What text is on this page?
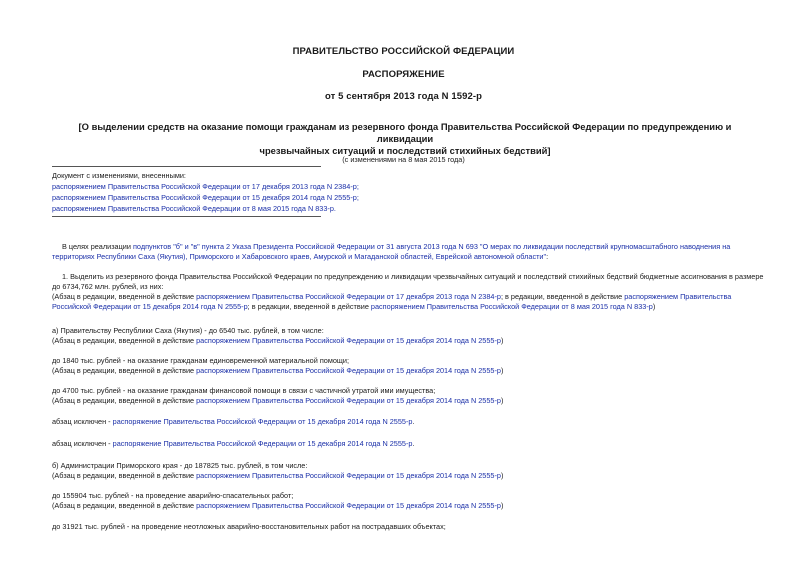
ПРАВИТЕЛЬСТВО РОССИЙСКОЙ ФЕДЕРАЦИИ
РАСПОРЯЖЕНИЕ
от 5 сентября 2013 года N 1592-р
[О выделении средств на оказание помощи гражданам из резервного фонда Правительства Российской Федерации по предупреждению и ликвидации
чрезвычайных ситуаций и последствий стихийных бедствий]
(с изменениями на 8 мая 2015 года)
Документ с изменениями, внесенными:
распоряжением Правительства Российской Федерации от 17 декабря 2013 года N 2384-р;
распоряжением Правительства Российской Федерации от 15 декабря 2014 года N 2555-р;
распоряжением Правительства Российской Федерации от 8 мая 2015 года N 833-р.
В целях реализации подпунктов "б" и "в" пункта 2 Указа Президента Российской Федерации от 31 августа 2013 года N 693 "О мерах по ликвидации последствий крупномасштабного наводнения на территориях Республики Саха (Якутия), Приморского и Хабаровского краев, Амурской и Магаданской областей, Еврейской автономной области":
1. Выделить из резервного фонда Правительства Российской Федерации по предупреждению и ликвидации чрезвычайных ситуаций и последствий стихийных бедствий бюджетные ассигнования в размере до 6734,762 млн. рублей, из них:
(Абзац в редакции, введенной в действие распоряжением Правительства Российской Федерации от 17 декабря 2013 года N 2384-р; в редакции, введенной в действие распоряжением Правительства Российской Федерации от 15 декабря 2014 года N 2555-р; в редакции, введенной в действие распоряжением Правительства Российской Федерации от 8 мая 2015 года N 833-р)
а) Правительству Республики Саха (Якутия) - до 6540 тыс. рублей, в том числе:
(Абзац в редакции, введенной в действие распоряжением Правительства Российской Федерации от 15 декабря 2014 года N 2555-р)
до 1840 тыс. рублей - на оказание гражданам единовременной материальной помощи;
(Абзац в редакции, введенной в действие распоряжением Правительства Российской Федерации от 15 декабря 2014 года N 2555-р)
до 4700 тыс. рублей - на оказание гражданам финансовой помощи в связи с частичной утратой ими имущества;
(Абзац в редакции, введенной в действие распоряжением Правительства Российской Федерации от 15 декабря 2014 года N 2555-р)
абзац исключен - распоряжение Правительства Российской Федерации от 15 декабря 2014 года N 2555-р.
абзац исключен - распоряжение Правительства Российской Федерации от 15 декабря 2014 года N 2555-р.
б) Администрации Приморского края - до 187825 тыс. рублей, в том числе:
(Абзац в редакции, введенной в действие распоряжением Правительства Российской Федерации от 15 декабря 2014 года N 2555-р)
до 155904 тыс. рублей - на проведение аварийно-спасательных работ;
(Абзац в редакции, введенной в действие распоряжением Правительства Российской Федерации от 15 декабря 2014 года N 2555-р)
до 31921 тыс. рублей - на проведение неотложных аварийно-восстановительных работ на пострадавших объектах;
